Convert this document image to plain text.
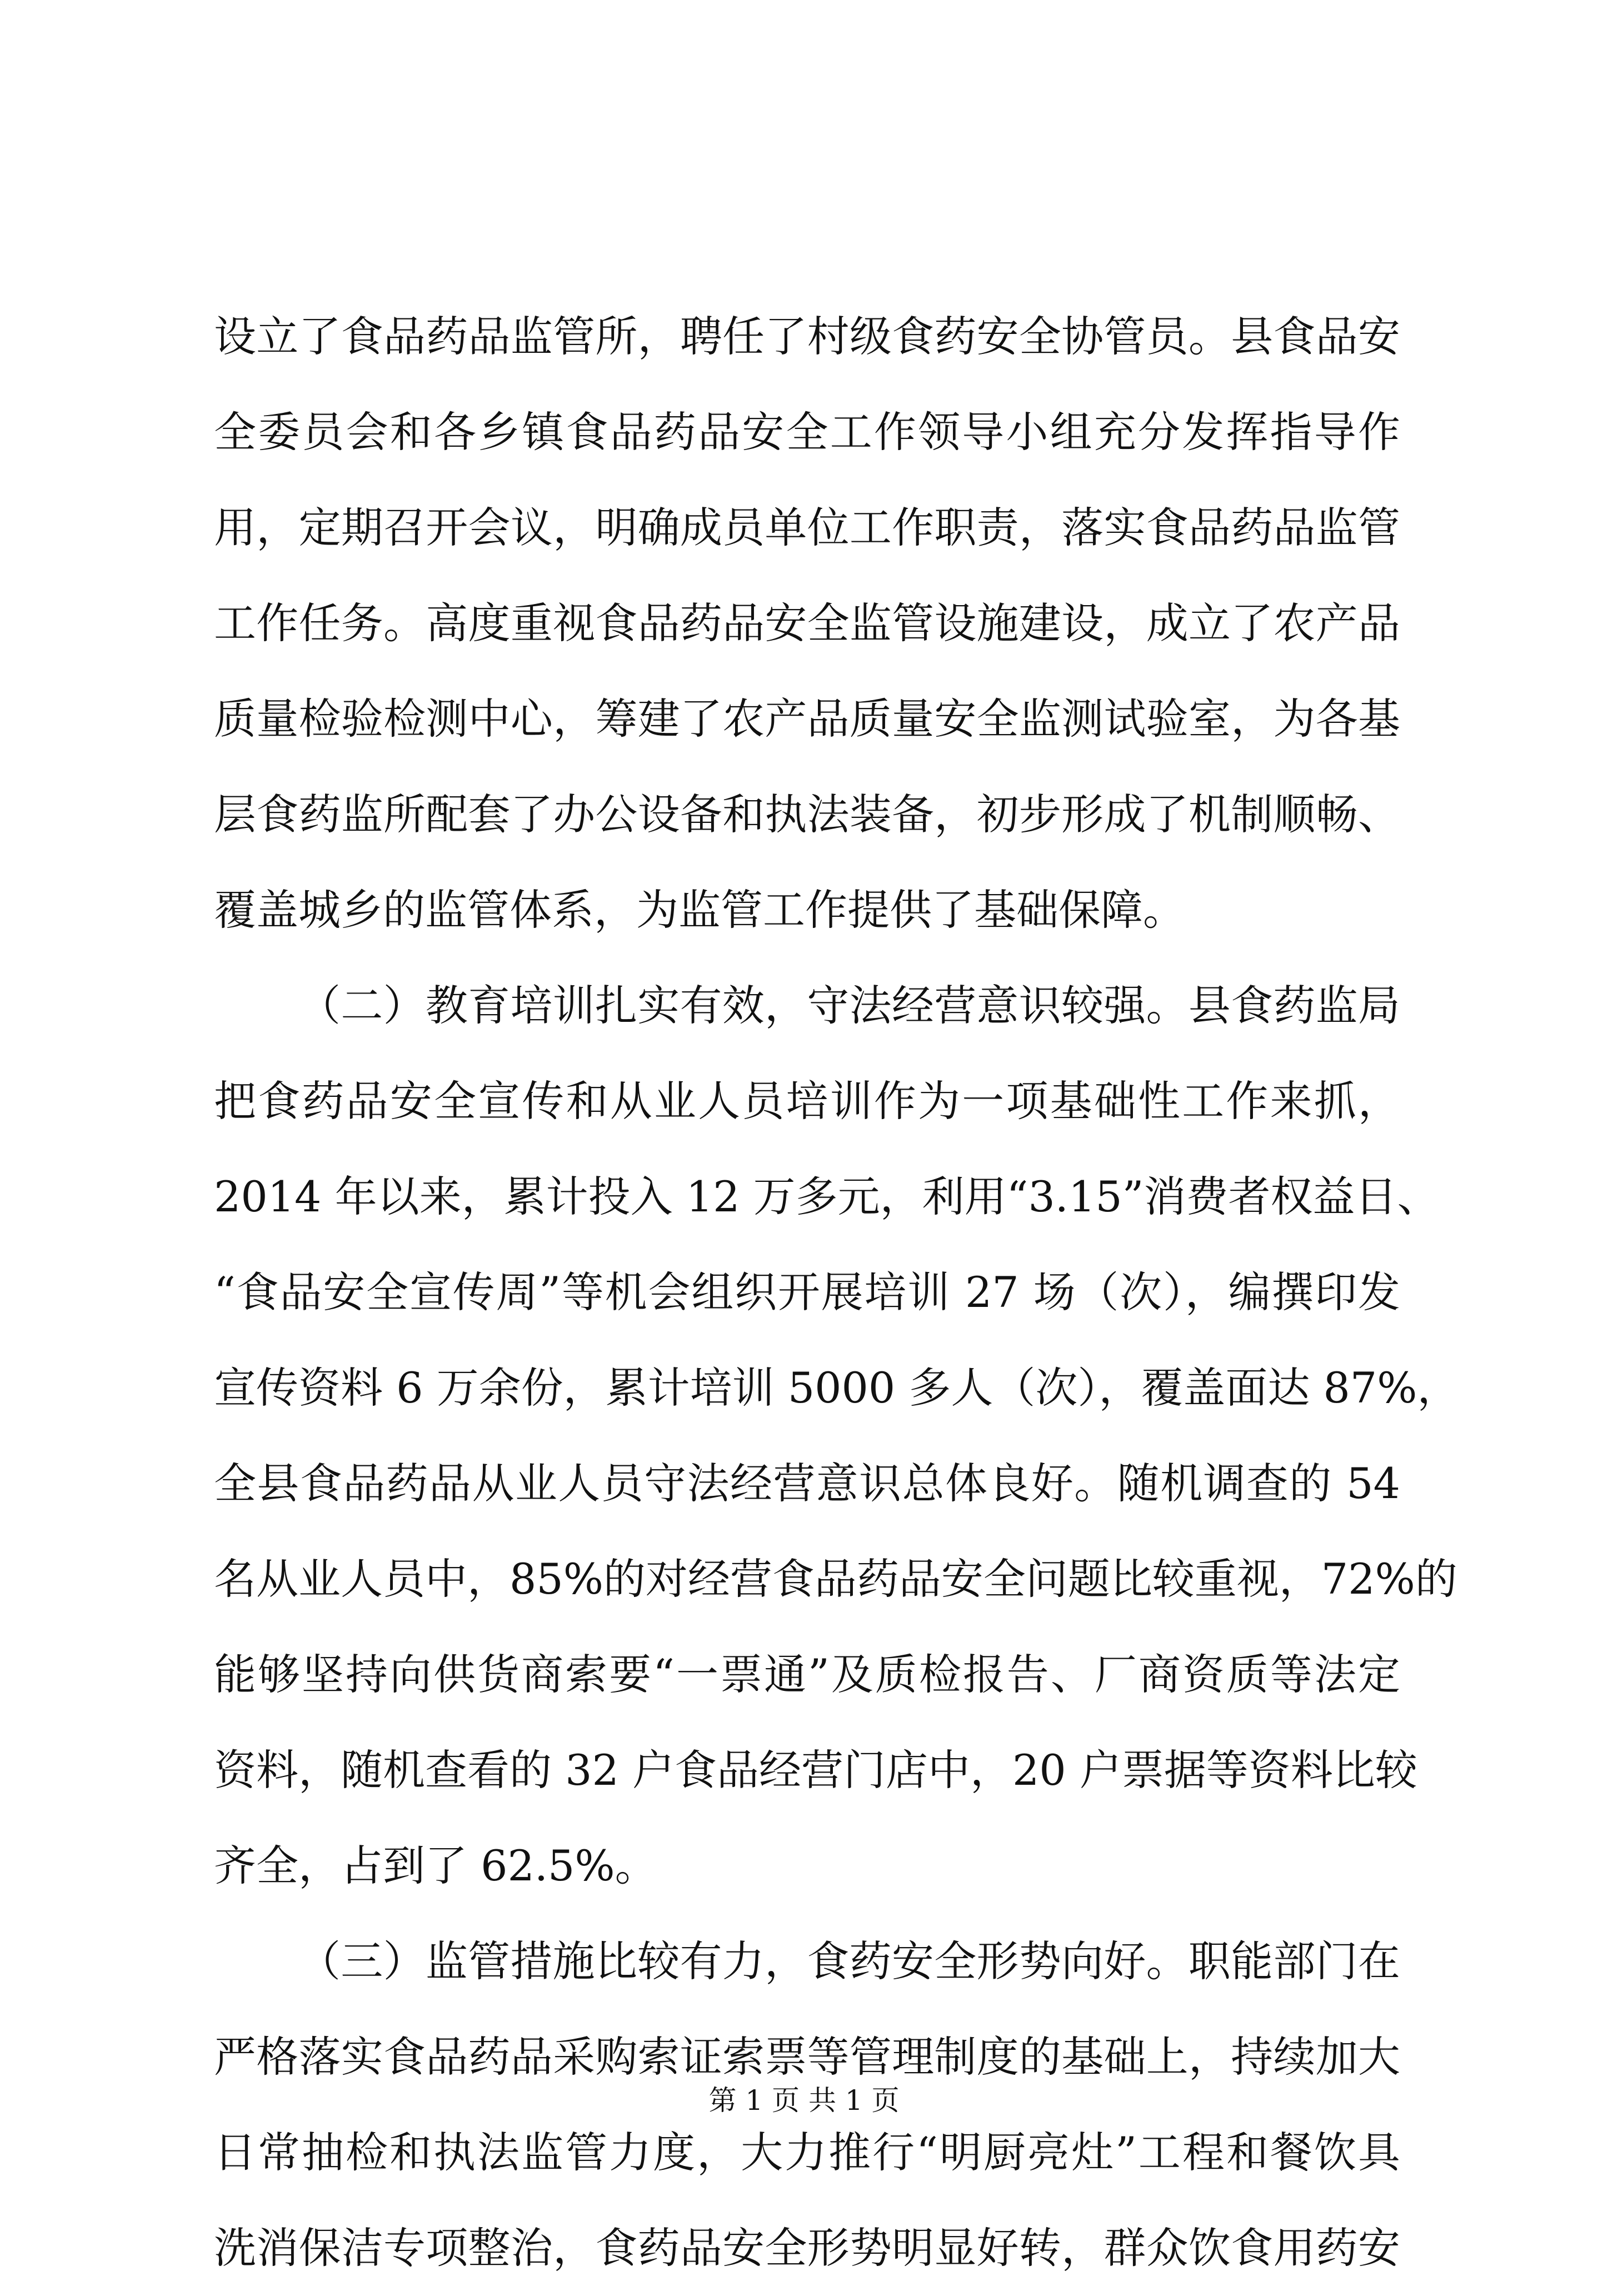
设立了食品药品监管所，聘任了村级食药安全协管员。县食品安
全委员会和各乡镇食品药品安全工作领导小组充分发挥指导作
用，定期召开会议，明确成员单位工作职责，落实食品药品监管
工作任务。高度重视食品药品安全监管设施建设，成立了农产品
质量检验检测中心，筹建了农产品质量安全监测试验室，为各基
层食药监所配套了办公设备和执法装备，初步形成了机制顺畅、
覆盖城乡的监管体系，为监管工作提供了基础保障。
（二）教育培训扎实有效，守法经营意识较强。县食药监局
把食药品安全宣传和从业人员培训作为一项基础性工作来抓，
2014 年以来，累计投入 12 万多元，利用“3.15”消费者权益日、
“食品安全宣传周”等机会组织开展培训 27 场（次），编撰印发
宣传资料 6 万余份，累计培训 5000 多人（次），覆盖面达 87%，
全县食品药品从业人员守法经营意识总体良好。随机调查的 54
名从业人员中，85%的对经营食品药品安全问题比较重视，72%的
能够坚持向供货商索要“一票通”及质检报告、厂商资质等法定
资料，随机查看的 32 户食品经营门店中，20 户票据等资料比较
齐全，占到了 62.5%。
（三）监管措施比较有力，食药安全形势向好。职能部门在
严格落实食品药品采购索证索票等管理制度的基础上，持续加大
日常抽检和执法监管力度，大力推行“明厨亮灶”工程和餐饮具
洗消保洁专项整治，食药品安全形势明显好转，群众饮食用药安
第 1 页 共 1 页
